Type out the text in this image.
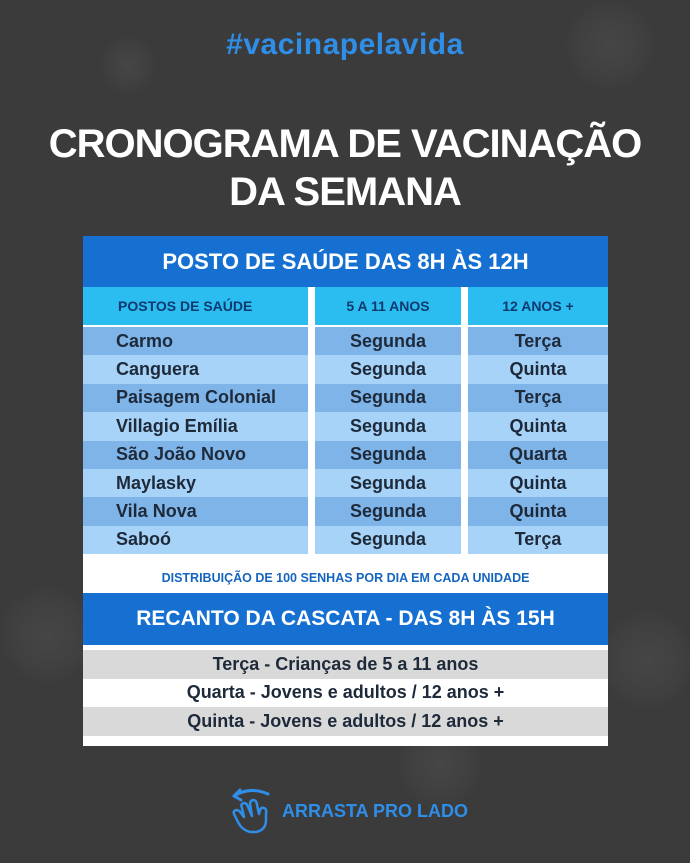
#vacinapelavida
CRONOGRAMA DE VACINAÇÃO
DA SEMANA
POSTO DE SAÚDE DAS 8H ÀS 12H
POSTOS DE SAÚDE	5 A 11 ANOS	12 ANOS +
Carmo	Segunda	Terça
Canguera	Segunda	Quinta
Paisagem Colonial	Segunda	Terça
Villagio Emília	Segunda	Quinta
São João Novo	Segunda	Quarta
Maylasky	Segunda	Quinta
Vila Nova	Segunda	Quinta
Saboó	Segunda	Terça
DISTRIBUIÇÃO DE 100 SENHAS POR DIA EM CADA UNIDADE
RECANTO DA CASCATA - DAS 8H ÀS 15H
Terça - Crianças de 5 a 11 anos
Quarta - Jovens e adultos / 12 anos +
Quinta - Jovens e adultos / 12 anos +
ARRASTA PRO LADO
